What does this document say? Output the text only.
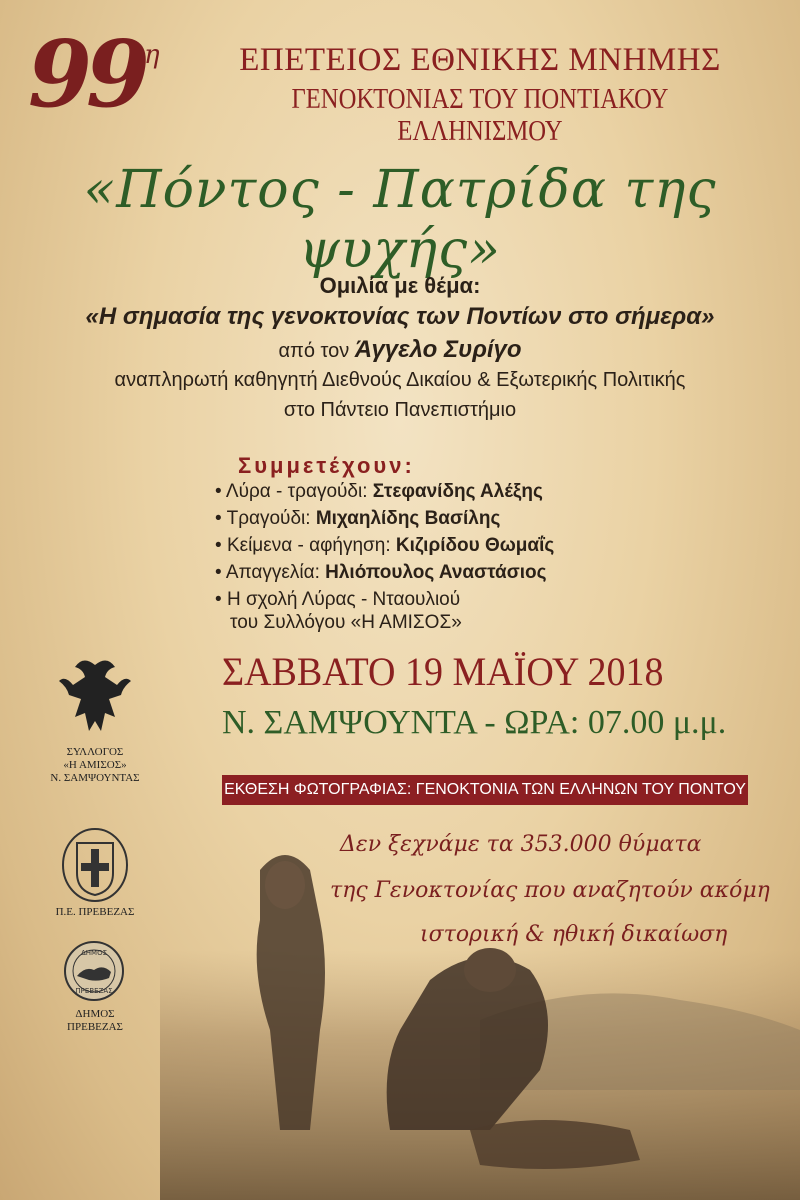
99 η	ΕΠΕΤΕΙΟΣ ΕΘΝΙΚΗΣ ΜΝΗΜΗΣ
ΓΕΝΟΚΤΟΝΙΑΣ ΤΟΥ ΠΟΝΤΙΑΚΟΥ ΕΛΛΗΝΙΣΜΟΥ
«Πόντος - Πατρίδα της ψυχής»
Ομιλία με θέμα:
«Η σημασία της γενοκτονίας των Ποντίων στο σήμερα»
από τον Άγγελο Συρίγο
αναπληρωτή καθηγητή Διεθνούς Δικαίου & Εξωτερικής Πολιτικής
στο Πάντειο Πανεπιστήμιο
Συμμετέχουν:
• Λύρα - τραγούδι: Στεφανίδης Αλέξης
• Τραγούδι: Μιχαηλίδης Βασίλης
• Κείμενα - αφήγηση: Κιζιρίδου Θωμαΐς
• Απαγγελία: Ηλιόπουλος Αναστάσιος
• Η σχολή Λύρας - Νταουλιού
του Συλλόγου «Η ΑΜΙΣΟΣ»
ΣΑΒΒΑΤΟ 19 ΜΑΪΟΥ 2018
Ν. ΣΑΜΨΟΥΝΤΑ - ΩΡΑ: 07.00 μ.μ.
ΕΚΘΕΣΗ ΦΩΤΟΓΡΑΦΙΑΣ: ΓΕΝΟΚΤΟΝΙΑ ΤΩΝ ΕΛΛΗΝΩΝ ΤΟΥ ΠΟΝΤΟΥ
Δεν ξεχνάμε τα 353.000 θύματα
της Γενοκτονίας που αναζητούν ακόμη
ιστορική & ηθική δικαίωση
ΣΥΛΛΟΓΟΣ
«Η ΑΜΙΣΟΣ»
Ν. ΣΑΜΨΟΥΝΤΑΣ
Π.Ε. ΠΡΕΒΕΖΑΣ
ΔΗΜΟΣ
ΠΡΕΒΕΖΑΣ
ΔΗΜΟΣ
ΠΡΕΒΕΖΑΣ
